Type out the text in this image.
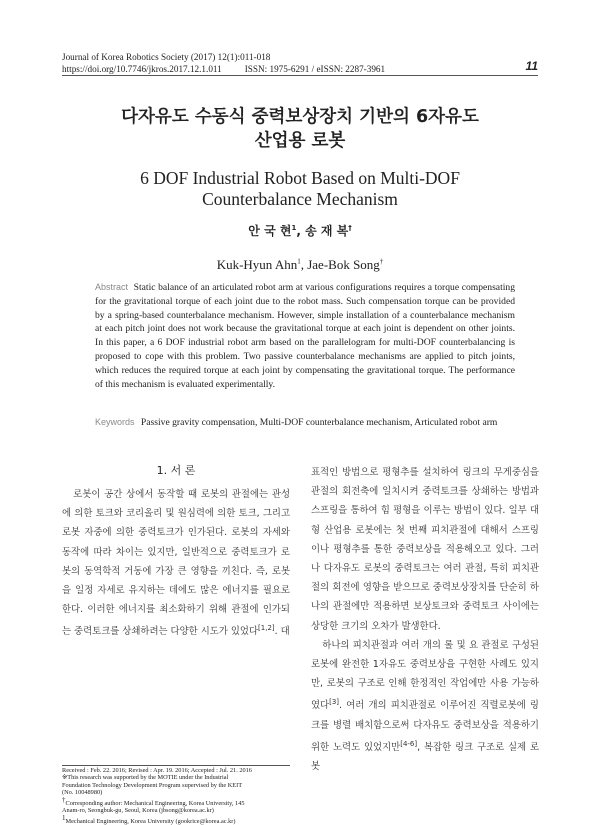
Journal of Korea Robotics Society (2017) 12(1):011-018
https://doi.org/10.7746/jkros.2017.12.1.011          ISSN: 1975-6291 / eISSN: 2287-3961	11
다자유도 수동식 중력보상장치 기반의 6자유도
산업용 로봇
6 DOF Industrial Robot Based on Multi-DOF
Counterbalance Mechanism
안 국 현$^1$, 송 재 복†
Kuk-Hyun Ahn$^1$, Jae-Bok Song†
Abstract Static balance of an articulated robot arm at various configurations requires a torque compensating for the gravitational torque of each joint due to the robot mass. Such compensation torque can be provided by a spring-based counterbalance mechanism. However, simple installation of a counterbalance mechanism at each pitch joint does not work because the gravitational torque at each joint is dependent on other joints. In this paper, a 6 DOF industrial robot arm based on the parallelogram for multi-DOF counterbalancing is proposed to cope with this problem. Two passive counterbalance mechanisms are applied to pitch joints, which reduces the required torque at each joint by compensating the gravitational torque. The performance of this mechanism is evaluated experimentally.
Keywords Passive gravity compensation, Multi-DOF counterbalance mechanism, Articulated robot arm
1. 서 론
로봇이 공간 상에서 동작할 때 로봇의 관절에는 관성에 의한 토크와 코리올리 및 원심력에 의한 토크, 그리고 로봇 자중에 의한 중력토크가 인가된다. 로봇의 자세와 동작에 따라 차이는 있지만, 일반적으로 중력토크가 로봇의 동역학적 거동에 가장 큰 영향을 끼친다. 즉, 로봇을 일정 자세로 유지하는 데에도 많은 에너지를 필요로 한다. 이러한 에너지를 최소화하기 위해 관절에 인가되는 중력토크를 상쇄하려는 다양한 시도가 있었다[1,2]. 대

표적인 방법으로 평형추를 설치하여 링크의 무게중심을 관절의 회전축에 일치시켜 중력토크를 상쇄하는 방법과 스프링을 통하여 힘 평형을 이루는 방법이 있다. 일부 대형 산업용 로봇에는 첫 번째 피치관절에 대해서 스프링이나 평형추를 통한 중력보상을 적용해오고 있다. 그러나 다자유도 로봇의 중력토크는 여러 관절, 특히 피치관절의 회전에 영향을 받으므로 중력보상장치를 단순히 하나의 관절에만 적용하면 보상토크와 중력토크 사이에는 상당한 크기의 오차가 발생한다.

하나의 피치관절과 여러 개의 롤 및 요 관절로 구성된 로봇에 완전한 1자유도 중력보상을 구현한 사례도 있지만, 로봇의 구조로 인해 한정적인 작업에만 사용 가능하였다[3]. 여러 개의 피치관절로 이루어진 직렬로봇에 링크를 병렬 배치함으로써 다자유도 중력보상을 적용하기 위한 노력도 있었지만[4-6], 복잡한 링크 구조로 실제 로봇

Received : Feb. 22. 2016; Revised : Apr. 19. 2016; Accepted : Jul. 21. 2016
※This research was supported by the MOTIE under the Industrial
Foundation Technology Development Program supervised by the KEIT
(No. 10048980)
†Corresponding author: Mechanical Engineering, Korea University, 145
Anam-ro, Seongbuk-gu, Seoul, Korea (jbsong@korea.ac.kr)
$^1$Mechanical Engineering, Korea University (gookrice@korea.ac.kr)
